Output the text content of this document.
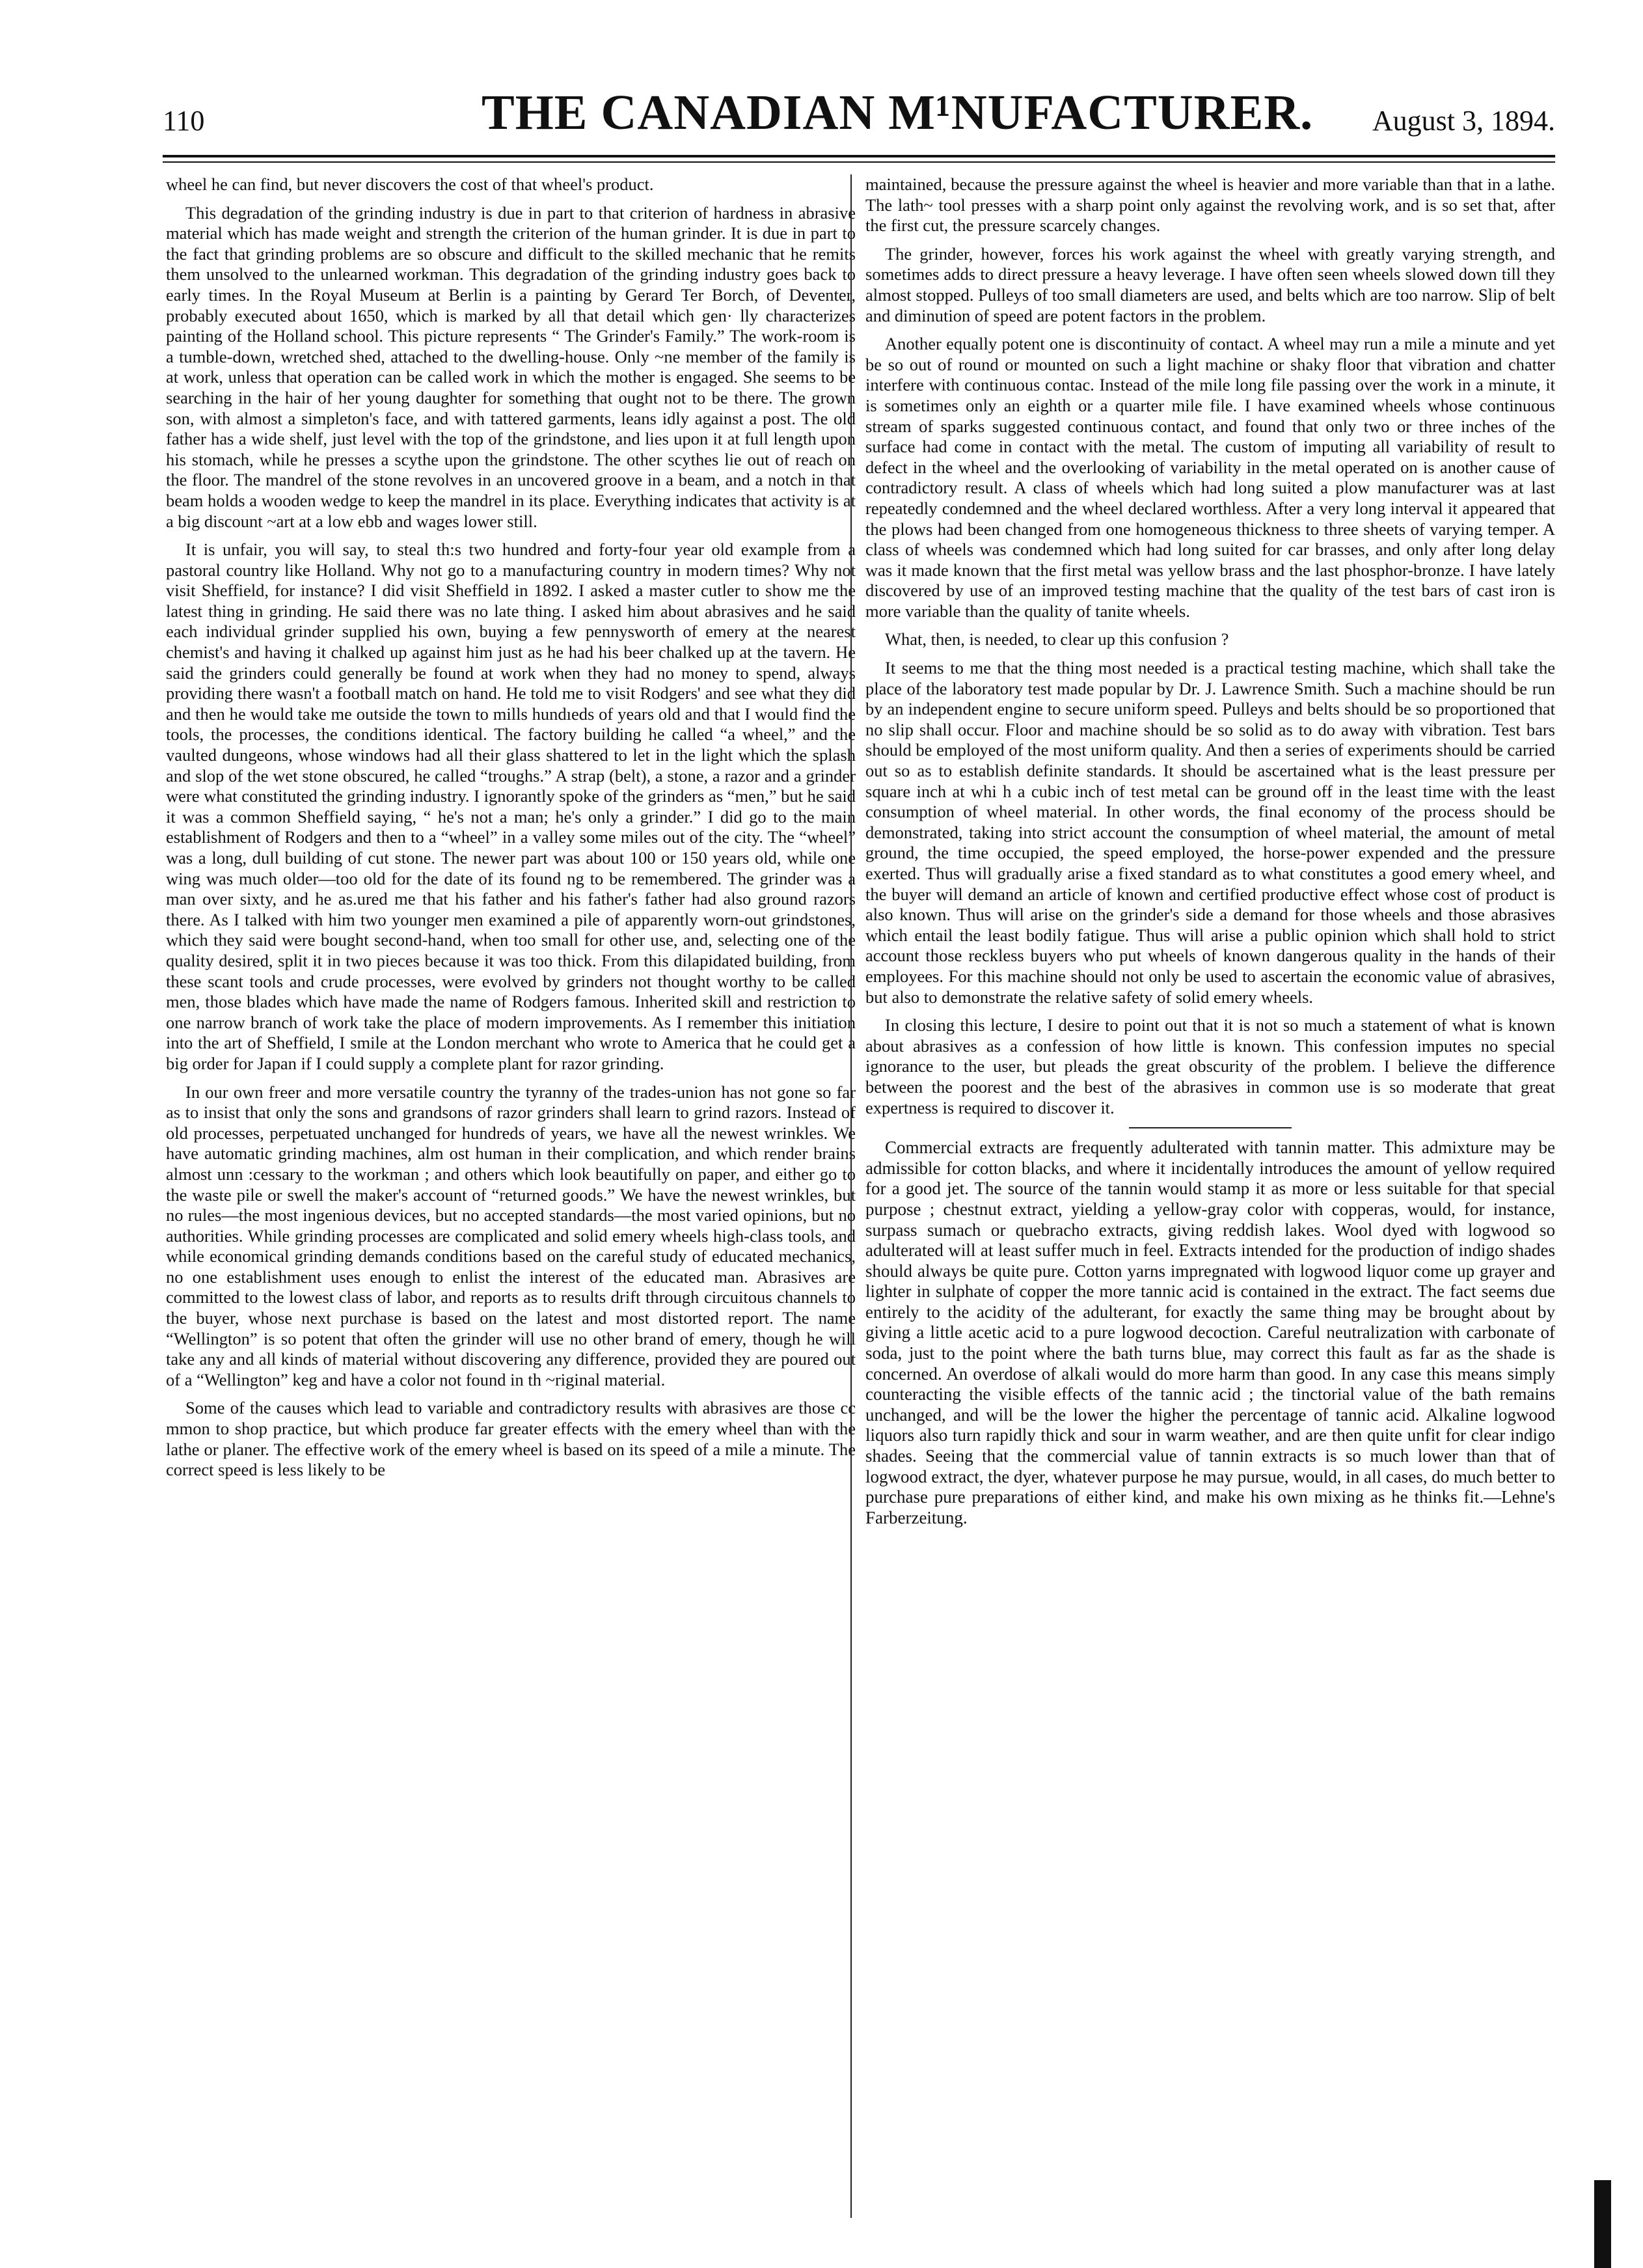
110	THE CANADIAN M¹NUFACTURER. August 3, 1894.

wheel he can find, but never discovers the cost of that wheel's product.

This degradation of the grinding industry is due in part to that criterion of hardness in abrasive material which has made weight and strength the criterion of the human grinder. It is due in part to the fact that grinding problems are so obscure and difficult to the skilled mechanic that he remits them unsolved to the unlearned workman. This degradation of the grinding industry goes back to early times. In the Royal Museum at Berlin is a painting by Gerard Ter Borch, of Deventer, probably executed about 1650, which is marked by all that detail which gen· lly characterizes painting of the Holland school. This picture represents “ The Grinder's Family.” The work-room is a tumble-down, wretched shed, attached to the dwelling-house. Only ~ne member of the family is at work, unless that operation can be called work in which the mother is engaged. She seems to be searching in the hair of her young daughter for something that ought not to be there. The grown son, with almost a simpleton's face, and with tattered garments, leans idly against a post. The old father has a wide shelf, just level with the top of the grindstone, and lies upon it at full length upon his stomach, while he presses a scythe upon the grindstone. The other scythes lie out of reach on the floor. The mandrel of the stone revolves in an uncovered groove in a beam, and a notch in that beam holds a wooden wedge to keep the mandrel in its place. Everything indicates that activity is at a big discount ~art at a low ebb and wages lower still.

It is unfair, you will say, to steal th:s two hundred and forty-four year old example from a pastoral country like Holland. Why not go to a manufacturing country in modern times? Why not visit Sheffield, for instance? I did visit Sheffield in 1892. I asked a master cutler to show me the latest thing in grinding. He said there was no late thing. I asked him about abrasives and he said each individual grinder supplied his own, buying a few pennysworth of emery at the nearest chemist's and having it chalked up against him just as he had his beer chalked up at the tavern. He said the grinders could generally be found at work when they had no money to spend, always providing there wasn't a football match on hand. He told me to visit Rodgers' and see what they did and then he would take me outside the town to mills hundıeds of years old and that I would find the tools, the processes, the conditions identical. The factory building he called “a wheel,” and the vaulted dungeons, whose windows had all their glass shattered to let in the light which the splash and slop of the wet stone obscured, he called “troughs.” A strap (belt), a stone, a razor and a grinder were what constituted the grinding industry. I ignorantly spoke of the grinders as “men,” but he said it was a common Sheffield saying, “ he's not a man; he's only a grinder.” I did go to the main establishment of Rodgers and then to a “wheel” in a valley some miles out of the city. The “wheel” was a long, dull building of cut stone. The newer part was about 100 or 150 years old, while one wing was much older—too old for the date of its found ng to be remembered. The grinder was a man over sixty, and he as.ured me that his father and his father's father had also ground razors there. As I talked with him two younger men examined a pile of apparently worn-out grindstones, which they said were bought second-hand, when too small for other use, and, selecting one of the quality desired, split it in two pieces because it was too thick. From this dilapidated building, from these scant tools and crude processes, were evolved by grinders not thought worthy to be called men, those blades which have made the name of Rodgers famous. Inherited skill and restriction to one narrow branch of work take the place of modern improvements. As I remember this initiation into the art of Sheffield, I smile at the London merchant who wrote to America that he could get a big order for Japan if I could supply a complete plant for razor grinding.

In our own freer and more versatile country the tyranny of the trades-union has not gone so far as to insist that only the sons and grandsons of razor grinders shall learn to grind razors. Instead of old processes, perpetuated unchanged for hundreds of years, we have all the newest wrinkles. We have automatic grinding machines, alm ost human in their complication, and which render brains almost unn :cessary to the workman ; and others which look beautifully on paper, and either go to the waste pile or swell the maker's account of “returned goods.” We have the newest wrinkles, but no rules—the most ingenious devices, but no accepted standards—the most varied opinions, but no authorities. While grinding processes are complicated and solid emery wheels high-class tools, and while economical grinding demands conditions based on the careful study of educated mechanics, no one establishment uses enough to enlist the interest of the educated man. Abrasives are committed to the lowest class of labor, and reports as to results drift through circuitous channels to the buyer, whose next purchase is based on the latest and most distorted report. The name “Wellington” is so potent that often the grinder will use no other brand of emery, though he will take any and all kinds of material without discovering any difference, provided they are poured out of a “Wellington” keg and have a color not found in th ~riginal material.

Some of the causes which lead to variable and contradictory results with abrasives are those cc mmon to shop practice, but which produce far greater effects with the emery wheel than with the lathe or planer. The effective work of the emery wheel is based on its speed of a mile a minute. The correct speed is less likely to be

maintained, because the pressure against the wheel is heavier and more variable than that in a lathe. The lath~ tool presses with a sharp point only against the revolving work, and is so set that, after the first cut, the pressure scarcely changes.

The grinder, however, forces his work against the wheel with greatly varying strength, and sometimes adds to direct pressure a heavy leverage. I have often seen wheels slowed down till they almost stopped. Pulleys of too small diameters are used, and belts which are too narrow. Slip of belt and diminution of speed are potent factors in the problem.

Another equally potent one is discontinuity of contact. A wheel may run a mile a minute and yet be so out of round or mounted on such a light machine or shaky floor that vibration and chatter interfere with continuous contac. Instead of the mile long file passing over the work in a minute, it is sometimes only an eighth or a quarter mile file. I have examined wheels whose continuous stream of sparks suggested continuous contact, and found that only two or three inches of the surface had come in contact with the metal. The custom of imputing all variability of result to defect in the wheel and the overlooking of variability in the metal operated on is another cause of contradictory result. A class of wheels which had long suited a plow manufacturer was at last repeatedly condemned and the wheel declared worthless. After a very long interval it appeared that the plows had been changed from one homogeneous thickness to three sheets of varying temper. A class of wheels was condemned which had long suited for car brasses, and only after long delay was it made known that the first metal was yellow brass and the last phosphor-bronze. I have lately discovered by use of an improved testing machine that the quality of the test bars of cast iron is more variable than the quality of tanite wheels.

What, then, is needed, to clear up this confusion ?

It seems to me that the thing most needed is a practical testing machine, which shall take the place of the laboratory test made popular by Dr. J. Lawrence Smith. Such a machine should be run by an independent engine to secure uniform speed. Pulleys and belts should be so proportioned that no slip shall occur. Floor and machine should be so solid as to do away with vibration. Test bars should be employed of the most uniform quality. And then a series of experiments should be carried out so as to establish definite standards. It should be ascertained what is the least pressure per square inch at whi h a cubic inch of test metal can be ground off in the least time with the least consumption of wheel material. In other words, the final economy of the process should be demonstrated, taking into strict account the consumption of wheel material, the amount of metal ground, the time occupied, the speed employed, the horse-power expended and the pressure exerted. Thus will gradually arise a fixed standard as to what constitutes a good emery wheel, and the buyer will demand an article of known and certified productive effect whose cost of product is also known. Thus will arise on the grinder's side a demand for those wheels and those abrasives which entail the least bodily fatigue. Thus will arise a public opinion which shall hold to strict account those reckless buyers who put wheels of known dangerous quality in the hands of their employees. For this machine should not only be used to ascertain the economic value of abrasives, but also to demonstrate the relative safety of solid emery wheels.

In closing this lecture, I desire to point out that it is not so much a statement of what is known about abrasives as a confession of how little is known. This confession imputes no special ignorance to the user, but pleads the great obscurity of the problem. I believe the difference between the poorest and the best of the abrasives in common use is so moderate that great expertness is required to discover it.

Commercial extracts are frequently adulterated with tannin matter. This admixture may be admissible for cotton blacks, and where it incidentally introduces the amount of yellow required for a good jet. The source of the tannin would stamp it as more or less suitable for that special purpose ; chestnut extract, yielding a yellow-gray color with copperas, would, for instance, surpass sumach or quebracho extracts, giving reddish lakes. Wool dyed with logwood so adulterated will at least suffer much in feel. Extracts intended for the production of indigo shades should always be quite pure. Cotton yarns impregnated with logwood liquor come up grayer and lighter in sulphate of copper the more tannic acid is contained in the extract. The fact seems due entirely to the acidity of the adulterant, for exactly the same thing may be brought about by giving a little acetic acid to a pure logwood decoction. Careful neutralization with carbonate of soda, just to the point where the bath turns blue, may correct this fault as far as the shade is concerned. An overdose of alkali would do more harm than good. In any case this means simply counteracting the visible effects of the tannic acid ; the tinctorial value of the bath remains unchanged, and will be the lower the higher the percentage of tannic acid. Alkaline logwood liquors also turn rapidly thick and sour in warm weather, and are then quite unfit for clear indigo shades. Seeing that the commercial value of tannin extracts is so much lower than that of logwood extract, the dyer, whatever purpose he may pursue, would, in all cases, do much better to purchase pure preparations of either kind, and make his own mixing as he thinks fit.—Lehne's Farberzeitung.
